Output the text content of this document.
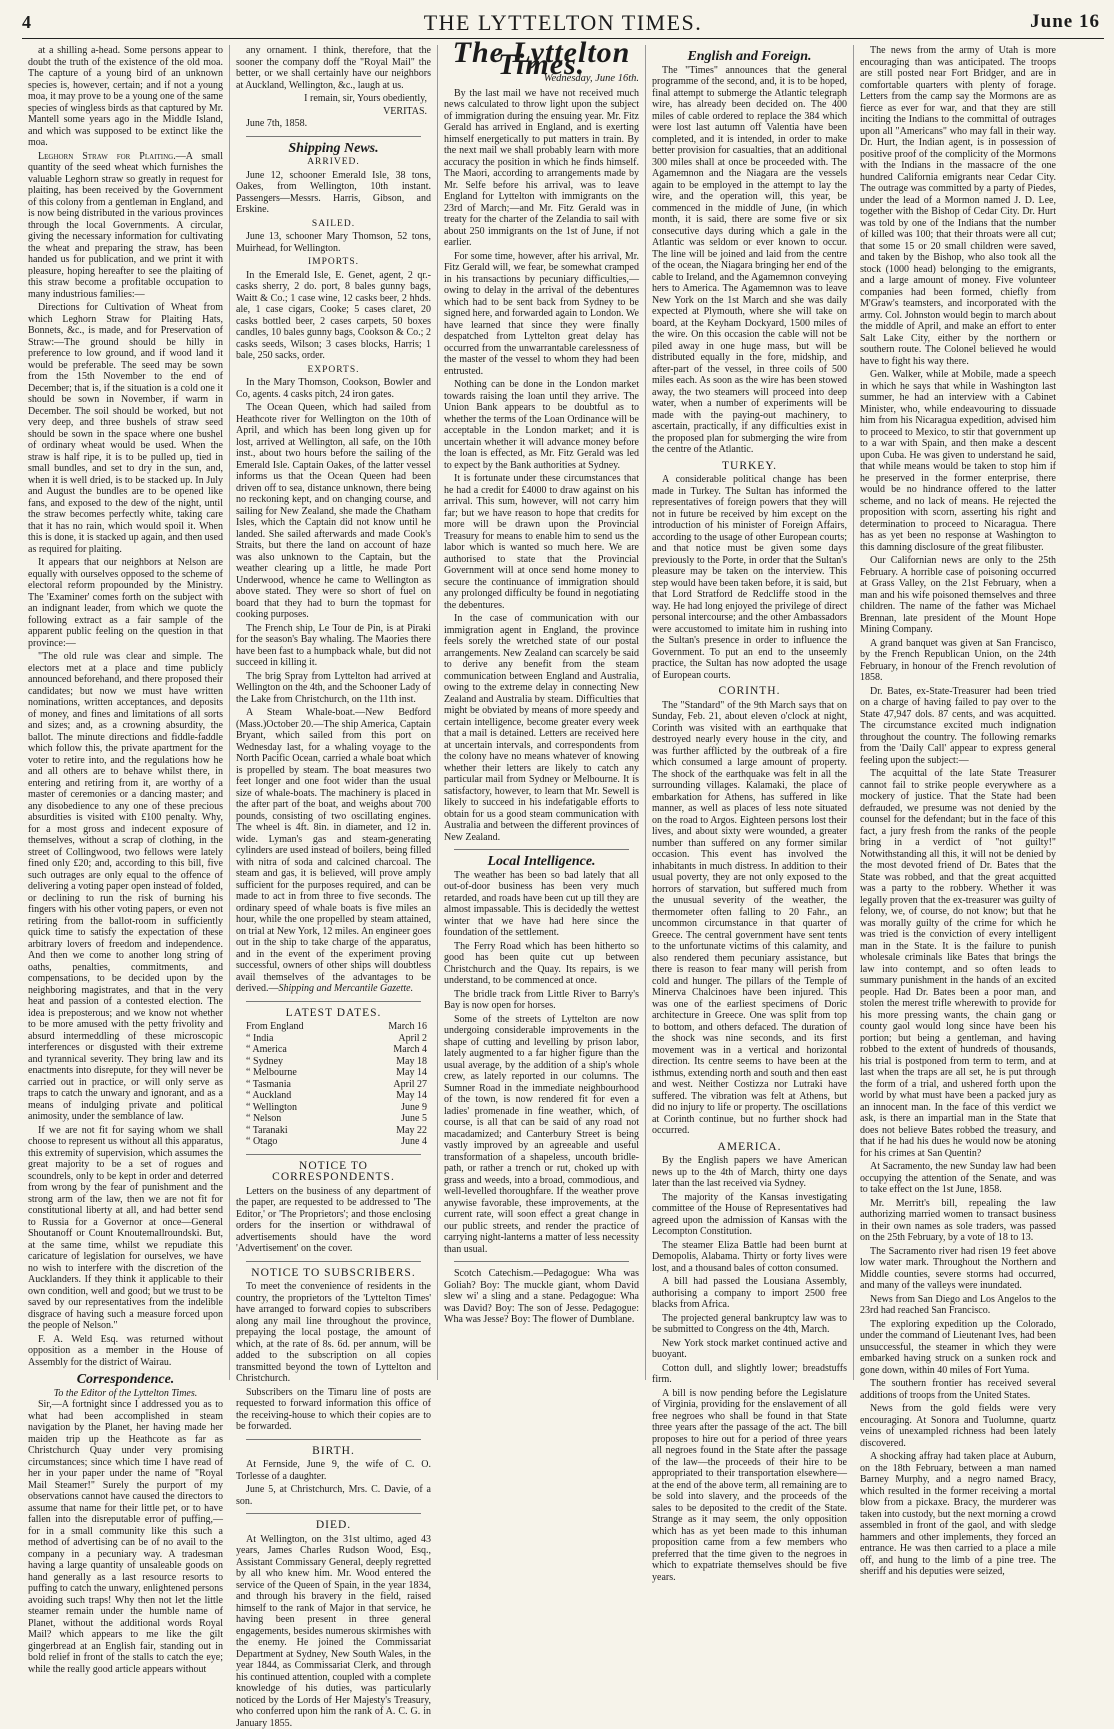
4	THE LYTTELTON TIMES.	June 16

at a shilling a-head. Some persons appear to doubt the truth of the existence of the old moa. The capture of a young bird of an unknown species is, however, certain; and if not a young moa, it may prove to be a young one of the same species of wingless birds as that captured by Mr. Mantell some years ago in the Middle Island, and which was supposed to be extinct like the moa.

Leghorn Straw for Plaiting.—A small quantity of the seed wheat which furnishes the valuable Leghorn straw so greatly in request for plaiting, has been received by the Government of this colony from a gentleman in England, and is now being distributed in the various provinces through the local Governments. A circular, giving the necessary information for cultivating the wheat and preparing the straw, has been handed us for publication, and we print it with pleasure, hoping hereafter to see the plaiting of this straw become a profitable occupation to many industrious families:—

Directions for Cultivation of Wheat from which Leghorn Straw for Plaiting Hats, Bonnets, &c., is made, and for Preservation of Straw:—The ground should be hilly in preference to low ground, and if wood land it would be preferable. The seed may be sown from the 15th November to the end of December; that is, if the situation is a cold one it should be sown in November, if warm in December. The soil should be worked, but not very deep, and three bushels of straw seed should be sown in the space where one bushel of ordinary wheat would be used. When the straw is half ripe, it is to be pulled up, tied in small bundles, and set to dry in the sun, and, when it is well dried, is to be stacked up. In July and August the bundles are to be opened like fans, and exposed to the dew of the night, until the straw becomes perfectly white, taking care that it has no rain, which would spoil it. When this is done, it is stacked up again, and then used as required for plaiting.

It appears that our neighbors at Nelson are equally with ourselves opposed to the scheme of electoral reform propounded by the Ministry. The 'Examiner' comes forth on the subject with an indignant leader, from which we quote the following extract as a fair sample of the apparent public feeling on the question in that province:—

"The old rule was clear and simple. The electors met at a place and time publicly announced beforehand, and there proposed their candidates; but now we must have written nominations, written acceptances, and deposits of money, and fines and limitations of all sorts and sizes; and, as a crowning absurdity, the ballot. The minute directions and fiddle-faddle which follow this, the private apartment for the voter to retire into, and the regulations how he and all others are to behave whilst there, in entering and retiring from it, are worthy of a master of ceremonies or a dancing master; and any disobedience to any one of these precious absurdities is visited with £100 penalty. Why, for a most gross and indecent exposure of themselves, without a scrap of clothing, in the street of Collingwood, two fellows were lately fined only £20; and, according to this bill, five such outrages are only equal to the offence of delivering a voting paper open instead of folded, or declining to run the risk of burning his fingers with his other voting papers, or even not retiring from the ballot-room in sufficiently quick time to satisfy the expectation of these arbitrary lovers of freedom and independence. And then we come to another long string of oaths, penalties, commitments, and compensations, to be decided upon by the neighboring magistrates, and that in the very heat and passion of a contested election. The idea is preposterous; and we know not whether to be more amused with the petty frivolity and absurd intermeddling of these microscopic interferences or disgusted with their extreme and tyrannical severity. They bring law and its enactments into disrepute, for they will never be carried out in practice, or will only serve as traps to catch the unwary and ignorant, and as a means of indulging private and political animosity, under the semblance of law.

If we are not fit for saying whom we shall choose to represent us without all this apparatus, this extremity of supervision, which assumes the great majority to be a set of rogues and scoundrels, only to be kept in order and deterred from wrong by the fear of punishment and the strong arm of the law, then we are not fit for constitutional liberty at all, and had better send to Russia for a Governor at once—General Shoutanoff or Count Knoutemallroundski. But, at the same time, whilst we repudiate this caricature of legislation for ourselves, we have no wish to interfere with the discretion of the Aucklanders. If they think it applicable to their own condition, well and good; but we trust to be saved by our representatives from the indelible disgrace of having such a measure forced upon the people of Nelson."

F. A. Weld Esq. was returned without opposition as a member in the House of Assembly for the district of Wairau.

Correspondence.
To the Editor of the Lyttelton Times.

Sir,—A fortnight since I addressed you as to what had been accomplished in steam navigation by the Planet, her having made her maiden trip up the Heathcote as far as Christchurch Quay under very promising circumstances; since which time I have read of her in your paper under the name of "Royal Mail Steamer!" Surely the purport of my observations cannot have caused the directors to assume that name for their little pet, or to have fallen into the disreputable error of puffing,—for in a small community like this such a method of advertising can be of no avail to the company in a pecuniary way. A tradesman having a large quantity of unsaleable goods on hand generally as a last resource resorts to puffing to catch the unwary, enlightened persons avoiding such traps! Why then not let the little steamer remain under the humble name of Planet, without the additional words Royal Mail? which appears to me like the gilt gingerbread at an English fair, standing out in bold relief in front of the stalls to catch the eye; while the really good article appears without

any ornament. I think, therefore, that the sooner the company doff the "Royal Mail" the better, or we shall certainly have our neighbors at Auckland, Wellington, &c., laugh at us.

I remain, sir, Yours obediently,
VERITAS.
June 7th, 1858.
Shipping News.
ARRIVED.

June 12, schooner Emerald Isle, 38 tons, Oakes, from Wellington, 10th instant. Passengers—Messrs. Harris, Gibson, and Erskine.

SAILED.

June 13, schooner Mary Thomson, 52 tons, Muirhead, for Wellington.

IMPORTS.

In the Emerald Isle, E. Genet, agent, 2 qr.-casks sherry, 2 do. port, 8 bales gunny bags, Waitt & Co.; 1 case wine, 12 casks beer, 2 hhds. ale, 1 case cigars, Cooke; 5 cases claret, 20 casks bottled beer, 2 cases carpets, 50 boxes candles, 10 bales gunny bags, Cookson & Co.; 2 casks seeds, Wilson; 3 cases blocks, Harris; 1 bale, 250 sacks, order.

EXPORTS.

In the Mary Thomson, Cookson, Bowler and Co, agents. 4 casks pitch, 24 iron gates.

The Ocean Queen, which had sailed from Heathcote river for Wellington on the 10th of April, and which has been long given up for lost, arrived at Wellington, all safe, on the 10th inst., about two hours before the sailing of the Emerald Isle. Captain Oakes, of the latter vessel informs us that the Ocean Queen had been driven off to sea, distance unknown, there being no reckoning kept, and on changing course, and sailing for New Zealand, she made the Chatham Isles, which the Captain did not know until he landed. She sailed afterwards and made Cook's Straits, but there the land on account of haze was also unknown to the Captain, but the weather clearing up a little, he made Port Underwood, whence he came to Wellington as above stated. They were so short of fuel on board that they had to burn the topmast for cooking purposes.

The French ship, Le Tour de Pin, is at Piraki for the season's Bay whaling. The Maories there have been fast to a humpback whale, but did not succeed in killing it.

The brig Spray from Lyttelton had arrived at Wellington on the 4th, and the Schooner Lady of the Lake from Christchurch, on the 11th inst.

A Steam Whale-boat.—New Bedford (Mass.)October 20.—The ship America, Captain Bryant, which sailed from this port on Wednesday last, for a whaling voyage to the North Pacific Ocean, carried a whale boat which is propelled by steam. The boat measures two feet longer and one foot wider than the usual size of whale-boats. The machinery is placed in the after part of the boat, and weighs about 700 pounds, consisting of two oscillating engines. The wheel is 4ft. 8in. in diameter, and 12 in. wide. Lyman's gas and steam-generating cylinders are used instead of boilers, being filled with nitra of soda and calcined charcoal. The steam and gas, it is believed, will prove amply sufficient for the purposes required, and can be made to act in from three to five seconds. The ordinary speed of whale boats is five miles an hour, while the one propelled by steam attained, on trial at New York, 12 miles. An engineer goes out in the ship to take charge of the apparatus, and in the event of the experiment proving successful, owners of other ships will doubtless avail themselves of the advantages to be derived.—Shipping and Mercantile Gazette.

LATEST DATES.
From England	March 16
“ India	April 2
“ America	March 4
“ Sydney	May 18
“ Melbourne	May 14
“ Tasmania	April 27
“ Auckland	May 14
“ Wellington	June 9
“ Nelson	June 5
“ Taranaki	May 22
“ Otago	June 4
NOTICE TO CORRESPONDENTS.

Letters on the business of any department of the paper, are requested to be addressed to 'The Editor,' or 'The Proprietors'; and those enclosing orders for the insertion or withdrawal of advertisements should have the word 'Advertisement' on the cover.

NOTICE TO SUBSCRIBERS.

To meet the convenience of residents in the country, the proprietors of the 'Lyttelton Times' have arranged to forward copies to subscribers along any mail line throughout the province, prepaying the local postage, the amount of which, at the rate of 8s. 6d. per annum, will be added to the subscription on all copies transmitted beyond the town of Lyttelton and Christchurch.

Subscribers on the Timaru line of posts are requested to forward information this office of the receiving-house to which their copies are to be forwarded.

BIRTH.

At Fernside, June 9, the wife of C. O. Torlesse of a daughter.

June 5, at Christchurch, Mrs. C. Davie, of a son.

DIED.

At Wellington, on the 31st ultimo, aged 43 years, James Charles Rudson Wood, Esq., Assistant Commissary General, deeply regretted by all who knew him. Mr. Wood entered the service of the Queen of Spain, in the year 1834, and through his bravery in the field, raised himself to the rank of Major in that service, he having been present in three general engagements, besides numerous skirmishes with the enemy. He joined the Commissariat Department at Sydney, New South Wales, in the year 1844, as Commissariat Clerk, and through his continued attention, coupled with a complete knowledge of his duties, was particularly noticed by the Lords of Her Majesty's Treasury, who conferred upon him the rank of A. C. G. in January 1855.

The Lyttelton Times.
Wednesday, June 16th.

By the last mail we have not received much news calculated to throw light upon the subject of immigration during the ensuing year. Mr. Fitz Gerald has arrived in England, and is exerting himself energetically to put matters in train. By the next mail we shall probably learn with more accuracy the position in which he finds himself. The Maori, according to arrangements made by Mr. Selfe before his arrival, was to leave England for Lyttelton with immigrants on the 23rd of March;—and Mr. Fitz Gerald was in treaty for the charter of the Zelandia to sail with about 250 immigrants on the 1st of June, if not earlier.

For some time, however, after his arrival, Mr. Fitz Gerald will, we fear, be somewhat cramped in his transactions by pecuniary difficulties,—owing to delay in the arrival of the debentures which had to be sent back from Sydney to be signed here, and forwarded again to London. We have learned that since they were finally despatched from Lyttelton great delay has occurred from the unwarrantable carelessness of the master of the vessel to whom they had been entrusted.

Nothing can be done in the London market towards raising the loan until they arrive. The Union Bank appears to be doubtful as to whether the terms of the Loan Ordinance will be acceptable in the London market; and it is uncertain whether it will advance money before the loan is effected, as Mr. Fitz Gerald was led to expect by the Bank authorities at Sydney.

It is fortunate under these circumstances that he had a credit for £4000 to draw against on his arrival. This sum, however, will not carry him far; but we have reason to hope that credits for more will be drawn upon the Provincial Treasury for means to enable him to send us the labor which is wanted so much here. We are authorised to state that the Provincial Government will at once send home money to secure the continuance of immigration should any prolonged difficulty be found in negotiating the debentures.

In the case of communication with our immigration agent in England, the province feels sorely the wretched state of our postal arrangements. New Zealand can scarcely be said to derive any benefit from the steam communication between England and Australia, owing to the extreme delay in connecting New Zealand and Australia by steam. Difficulties that might be obviated by means of more speedy and certain intelligence, become greater every week that a mail is detained. Letters are received here at uncertain intervals, and correspondents from the colony have no means whatever of knowing whether their letters are likely to catch any particular mail from Sydney or Melbourne. It is satisfactory, however, to learn that Mr. Sewell is likely to succeed in his indefatigable efforts to obtain for us a good steam communication with Australia and between the different provinces of New Zealand.

Local Intelligence.

The weather has been so bad lately that all out-of-door business has been very much retarded, and roads have been cut up till they are almost impassable. This is decidedly the wettest winter that we have had here since the foundation of the settlement.

The Ferry Road which has been hitherto so good has been quite cut up between Christchurch and the Quay. Its repairs, is we understand, to be commenced at once.

The bridle track from Little River to Barry's Bay is now open for horses.

Some of the streets of Lyttelton are now undergoing considerable improvements in the shape of cutting and levelling by prison labor, lately augmented to a far higher figure than the usual average, by the addition of a ship's whole crew, as lately reported in our columns. The Sumner Road in the immediate neighbourhood of the town, is now rendered fit for even a ladies' promenade in fine weather, which, of course, is all that can be said of any road not macadamized; and Canterbury Street is being vastly improved by an agreeable and useful transformation of a shapeless, uncouth bridle-path, or rather a trench or rut, choked up with grass and weeds, into a broad, commodious, and well-levelled thoroughfare. If the weather prove anywise favorable, these improvements, at the current rate, will soon effect a great change in our public streets, and render the practice of carrying night-lanterns a matter of less necessity than usual.

Scotch Catechism.—Pedagogue: Wha was Goliah? Boy: The muckle giant, whom David slew wi' a sling and a stane. Pedagogue: Wha was David? Boy: The son of Jesse. Pedagogue: Wha was Jesse? Boy: The flower of Dumblane.

English and Foreign.

The "Times" announces that the general programme of the second, and, it is to be hoped, final attempt to submerge the Atlantic telegraph wire, has already been decided on. The 400 miles of cable ordered to replace the 384 which were lost last autumn off Valentia have been completed, and it is intended, in order to make better provision for casualties, that an additional 300 miles shall at once be proceeded with. The Agamemnon and the Niagara are the vessels again to be employed in the attempt to lay the wire, and the operation will, this year, be commenced in the middle of June, (in which month, it is said, there are some five or six consecutive days during which a gale in the Atlantic was seldom or ever known to occur. The line will be joined and laid from the centre of the ocean, the Niagara bringing her end of the cable to Ireland, and the Agamemnon conveying hers to America. The Agamemnon was to leave New York on the 1st March and she was daily expected at Plymouth, where she will take on board, at the Keyham Dockyard, 1500 miles of the wire. On this occasion the cable will not be piled away in one huge mass, but will be distributed equally in the fore, midship, and after-part of the vessel, in three coils of 500 miles each. As soon as the wire has been stowed away, the two steamers will proceed into deep water, when a number of experiments will be made with the paying-out machinery, to ascertain, practically, if any difficulties exist in the proposed plan for submerging the wire from the centre of the Atlantic.

TURKEY.

A considerable political change has been made in Turkey. The Sultan has informed the representatives of foreign powers that they will not in future be received by him except on the introduction of his minister of Foreign Affairs, according to the usage of other European courts; and that notice must be given some days previously to the Porte, in order that the Sultan's pleasure may be taken on the interview. This step would have been taken before, it is said, but that Lord Stratford de Redcliffe stood in the way. He had long enjoyed the privilege of direct personal intercourse; and the other Ambassadors were accustomed to imitate him in rushing into the Sultan's presence in order to influence the Government. To put an end to the unseemly practice, the Sultan has now adopted the usage of European courts.

CORINTH.

The "Standard" of the 9th March says that on Sunday, Feb. 21, about eleven o'clock at night, Corinth was visited with an earthquake that destroyed nearly every house in the city, and was further afflicted by the outbreak of a fire which consumed a large amount of property. The shock of the earthquake was felt in all the surrounding villages. Kalamaki, the place of embarkation for Athens, has suffered in like manner, as well as places of less note situated on the road to Argos. Eighteen persons lost their lives, and about sixty were wounded, a greater number than suffered on any former similar occasion. This event has involved the inhabitants in much distress. In addition to their usual poverty, they are not only exposed to the horrors of starvation, but suffered much from the unusual severity of the weather, the thermometer often falling to 20 Fahr., an uncommon circumstance in that quarter of Greece. The central government have sent tents to the unfortunate victims of this calamity, and also rendered them pecuniary assistance, but there is reason to fear many will perish from cold and hunger. The pillars of the Temple of Minerva Chalcinoes have been injured. This was one of the earliest specimens of Doric architecture in Greece. One was split from top to bottom, and others defaced. The duration of the shock was nine seconds, and its first movement was in a vertical and horizontal direction. Its centre seems to have been at the isthmus, extending north and south and then east and west. Neither Costizza nor Lutraki have suffered. The vibration was felt at Athens, but did no injury to life or property. The oscillations at Corinth continue, but no further shock had occurred.

AMERICA.

By the English papers we have American news up to the 4th of March, thirty one days later than the last received via Sydney.

The majority of the Kansas investigating committee of the House of Representatives had agreed upon the admission of Kansas with the Lecompton Constitution.

The steamer Eliza Battle had been burnt at Demopolis, Alabama. Thirty or forty lives were lost, and a thousand bales of cotton consumed.

A bill had passed the Lousiana Assembly, authorising a company to import 2500 free blacks from Africa.

The projected general bankruptcy law was to be submitted to Congress on the 4th, March.

New York stock market continued active and buoyant.

Cotton dull, and slightly lower; breadstuffs firm.

A bill is now pending before the Legislature of Virginia, providing for the enslavement of all free negroes who shall be found in that State three years after the passage of the act. The bill proposes to hire out for a period of three years all negroes found in the State after the passage of the law—the proceeds of their hire to be appropriated to their transportation elsewhere—at the end of the above term, all remaining are to be sold into slavery, and the proceeds of the sales to be deposited to the credit of the State. Strange as it may seem, the only opposition which has as yet been made to this inhuman proposition came from a few members who preferred that the time given to the negroes in which to expatriate themselves should be five years.

The news from the army of Utah is more encouraging than was anticipated. The troops are still posted near Fort Bridger, and are in comfortable quarters with plenty of forage. Letters from the camp say the Mormons are as fierce as ever for war, and that they are still inciting the Indians to the committal of outrages upon all "Americans" who may fall in their way. Dr. Hurt, the Indian agent, is in possession of positive proof of the complicity of the Mormons with the Indians in the massacre of the one hundred California emigrants near Cedar City. The outrage was committed by a party of Piedes, under the lead of a Mormon named J. D. Lee, together with the Bishop of Cedar City. Dr. Hurt was told by one of the Indians that the number of killed was 100; that their throats were all cut; that some 15 or 20 small children were saved, and taken by the Bishop, who also took all the stock (1000 head) belonging to the emigrants, and a large amount of money. Five volunteer companies had been formed, chiefly from M'Graw's teamsters, and incorporated with the army. Col. Johnston would begin to march about the middle of April, and make an effort to enter Salt Lake City, either by the northern or southern route. The Colonel believed he would have to fight his way there.

Gen. Walker, while at Mobile, made a speech in which he says that while in Washington last summer, he had an interview with a Cabinet Minister, who, while endeavouring to dissuade him from his Nicaragua expedition, advised him to proceed to Mexico, to stir that government up to a war with Spain, and then make a descent upon Cuba. He was given to understand he said, that while means would be taken to stop him if he preserved in the former enterprise, there would be no hindrance offered to the latter scheme, and no lack of means. He rejected the proposition with scorn, asserting his right and determination to proceed to Nicaragua. There has as yet been no response at Washington to this damning disclosure of the great filibuster.

Our Californian news are only to the 25th February. A horrible case of poisoning occurred at Grass Valley, on the 21st February, when a man and his wife poisoned themselves and three children. The name of the father was Michael Brennan, late president of the Mount Hope Mining Company.

A grand banquet was given at San Francisco, by the French Republican Union, on the 24th February, in honour of the French revolution of 1858.

Dr. Bates, ex-State-Treasurer had been tried on a charge of having failed to pay over to the State 47,947 dols. 87 cents, and was acquitted. The circumstance excited much indignation throughout the country. The following remarks from the 'Daily Call' appear to express general feeling upon the subject:—

The acquittal of the late State Treasurer cannot fail to strike people everywhere as a mockery of justice. That the State had been defrauded, we presume was not denied by the counsel for the defendant; but in the face of this fact, a jury fresh from the ranks of the people bring in a verdict of "not guilty!" Notwithstanding all this, it will not be denied by the most devoted friend of Dr. Bates that the State was robbed, and that the great acquitted was a party to the robbery. Whether it was legally proven that the ex-treasurer was guilty of felony, we, of course, do not know; but that he was morally guilty of the crime for which he was tried is the conviction of every intelligent man in the State. It is the failure to punish wholesale criminals like Bates that brings the law into contempt, and so often leads to summary punishment in the hands of an excited people. Had Dr. Bates been a poor man, and stolen the merest trifle wherewith to provide for his more pressing wants, the chain gang or county gaol would long since have been his portion; but being a gentleman, and having robbed to the extent of hundreds of thousands, his trial is postponed from term to term, and at last when the traps are all set, he is put through the form of a trial, and ushered forth upon the world by what must have been a packed jury as an innocent man. In the face of this verdict we ask, is there an impartial man in the State that does not believe Bates robbed the treasury, and that if he had his dues he would now be atoning for his crimes at San Quentin?

At Sacramento, the new Sunday law had been occupying the attention of the Senate, and was to take effect on the 1st June, 1858.

Mr. Merritt's bill, repealing the law authorizing married women to transact business in their own names as sole traders, was passed on the 25th February, by a vote of 18 to 13.

The Sacramento river had risen 19 feet above low water mark. Throughout the Northern and Middle counties, severe storms had occurred, and many of the valleys were inundated.

News from San Diego and Los Angelos to the 23rd had reached San Francisco.

The exploring expedition up the Colorado, under the command of Lieutenant Ives, had been unsuccessful, the steamer in which they were embarked having struck on a sunken rock and gone down, within 40 miles of Fort Yuma.

The southern frontier has received several additions of troops from the United States.

News from the gold fields were very encouraging. At Sonora and Tuolumne, quartz veins of unexampled richness had been lately discovered.

A shocking affray had taken place at Auburn, on the 18th February, between a man named Barney Murphy, and a negro named Bracy, which resulted in the former receiving a mortal blow from a pickaxe. Bracy, the murderer was taken into custody, but the next morning a crowd assembled in front of the gaol, and with sledge hammers and other implements, they forced an entrance. He was then carried to a place a mile off, and hung to the limb of a pine tree. The sheriff and his deputies were seized,
